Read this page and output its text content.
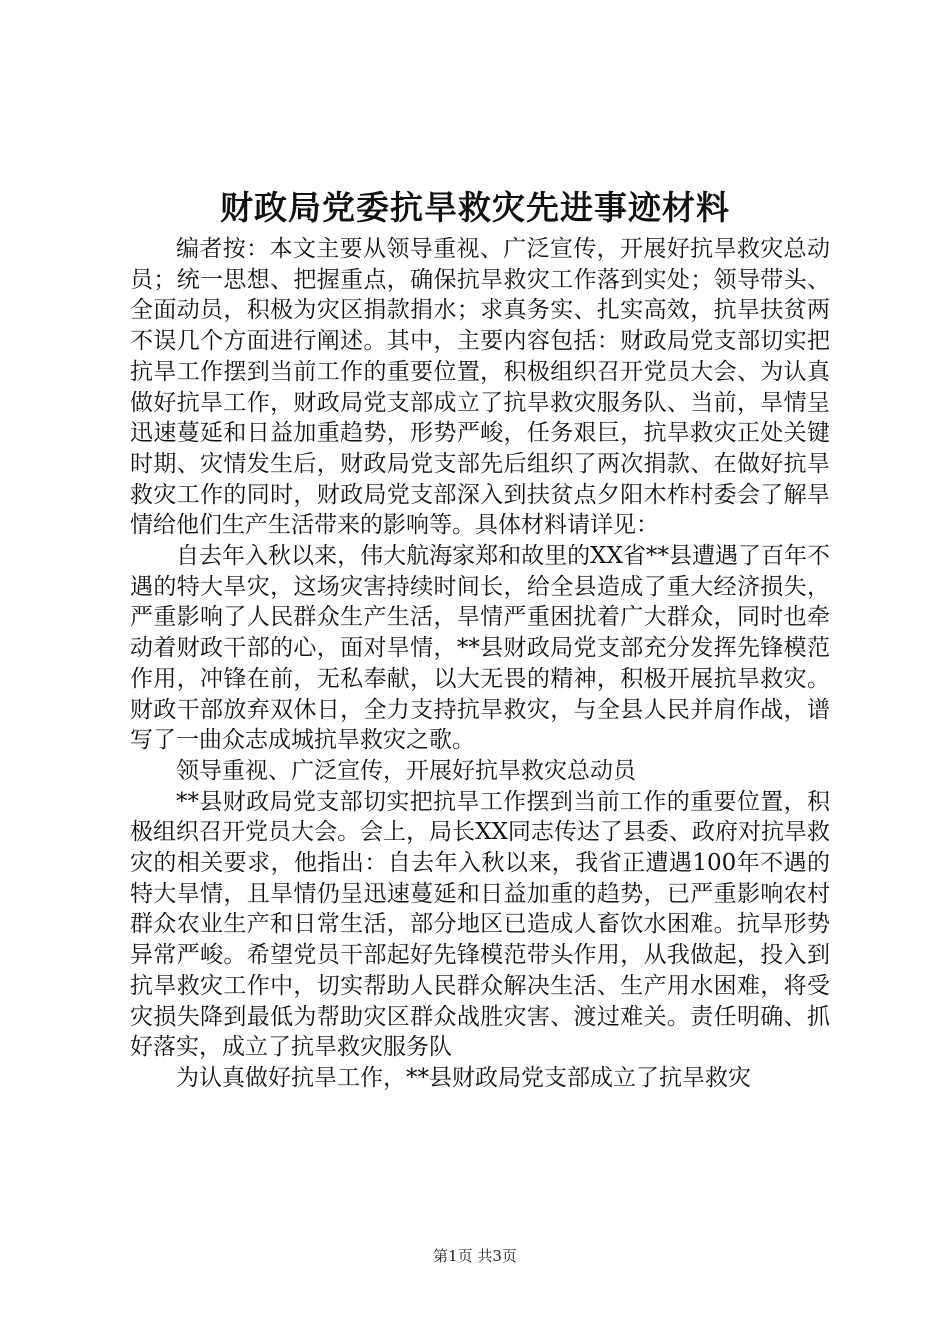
财政局党委抗旱救灾先进事迹材料

编者按：本文主要从领导重视、广泛宣传，开展好抗旱救灾总动员；统一思想、把握重点，确保抗旱救灾工作落到实处；领导带头、全面动员，积极为灾区捐款捐水；求真务实、扎实高效，抗旱扶贫两不误几个方面进行阐述。其中，主要内容包括：财政局党支部切实把抗旱工作摆到当前工作的重要位置，积极组织召开党员大会、为认真做好抗旱工作，财政局党支部成立了抗旱救灾服务队、当前，旱情呈迅速蔓延和日益加重趋势，形势严峻，任务艰巨，抗旱救灾正处关键时期、灾情发生后，财政局党支部先后组织了两次捐款、在做好抗旱救灾工作的同时，财政局党支部深入到扶贫点夕阳木柞村委会了解旱情给他们生产生活带来的影响等。具体材料请详见：

自去年入秋以来，伟大航海家郑和故里的XX省**县遭遇了百年不遇的特大旱灾，这场灾害持续时间长，给全县造成了重大经济损失，严重影响了人民群众生产生活，旱情严重困扰着广大群众，同时也牵动着财政干部的心，面对旱情，**县财政局党支部充分发挥先锋模范作用，冲锋在前，无私奉献，以大无畏的精神，积极开展抗旱救灾。财政干部放弃双休日，全力支持抗旱救灾，与全县人民并肩作战，谱写了一曲众志成城抗旱救灾之歌。

领导重视、广泛宣传，开展好抗旱救灾总动员

**县财政局党支部切实把抗旱工作摆到当前工作的重要位置，积极组织召开党员大会。会上，局长XX同志传达了县委、政府对抗旱救灾的相关要求，他指出：自去年入秋以来，我省正遭遇100年不遇的特大旱情，且旱情仍呈迅速蔓延和日益加重的趋势，已严重影响农村群众农业生产和日常生活，部分地区已造成人畜饮水困难。抗旱形势异常严峻。希望党员干部起好先锋模范带头作用，从我做起，投入到抗旱救灾工作中，切实帮助人民群众解决生活、生产用水困难，将受灾损失降到最低为帮助灾区群众战胜灾害、渡过难关。责任明确、抓好落实，成立了抗旱救灾服务队

为认真做好抗旱工作，**县财政局党支部成立了抗旱救灾

第1页 共3页
